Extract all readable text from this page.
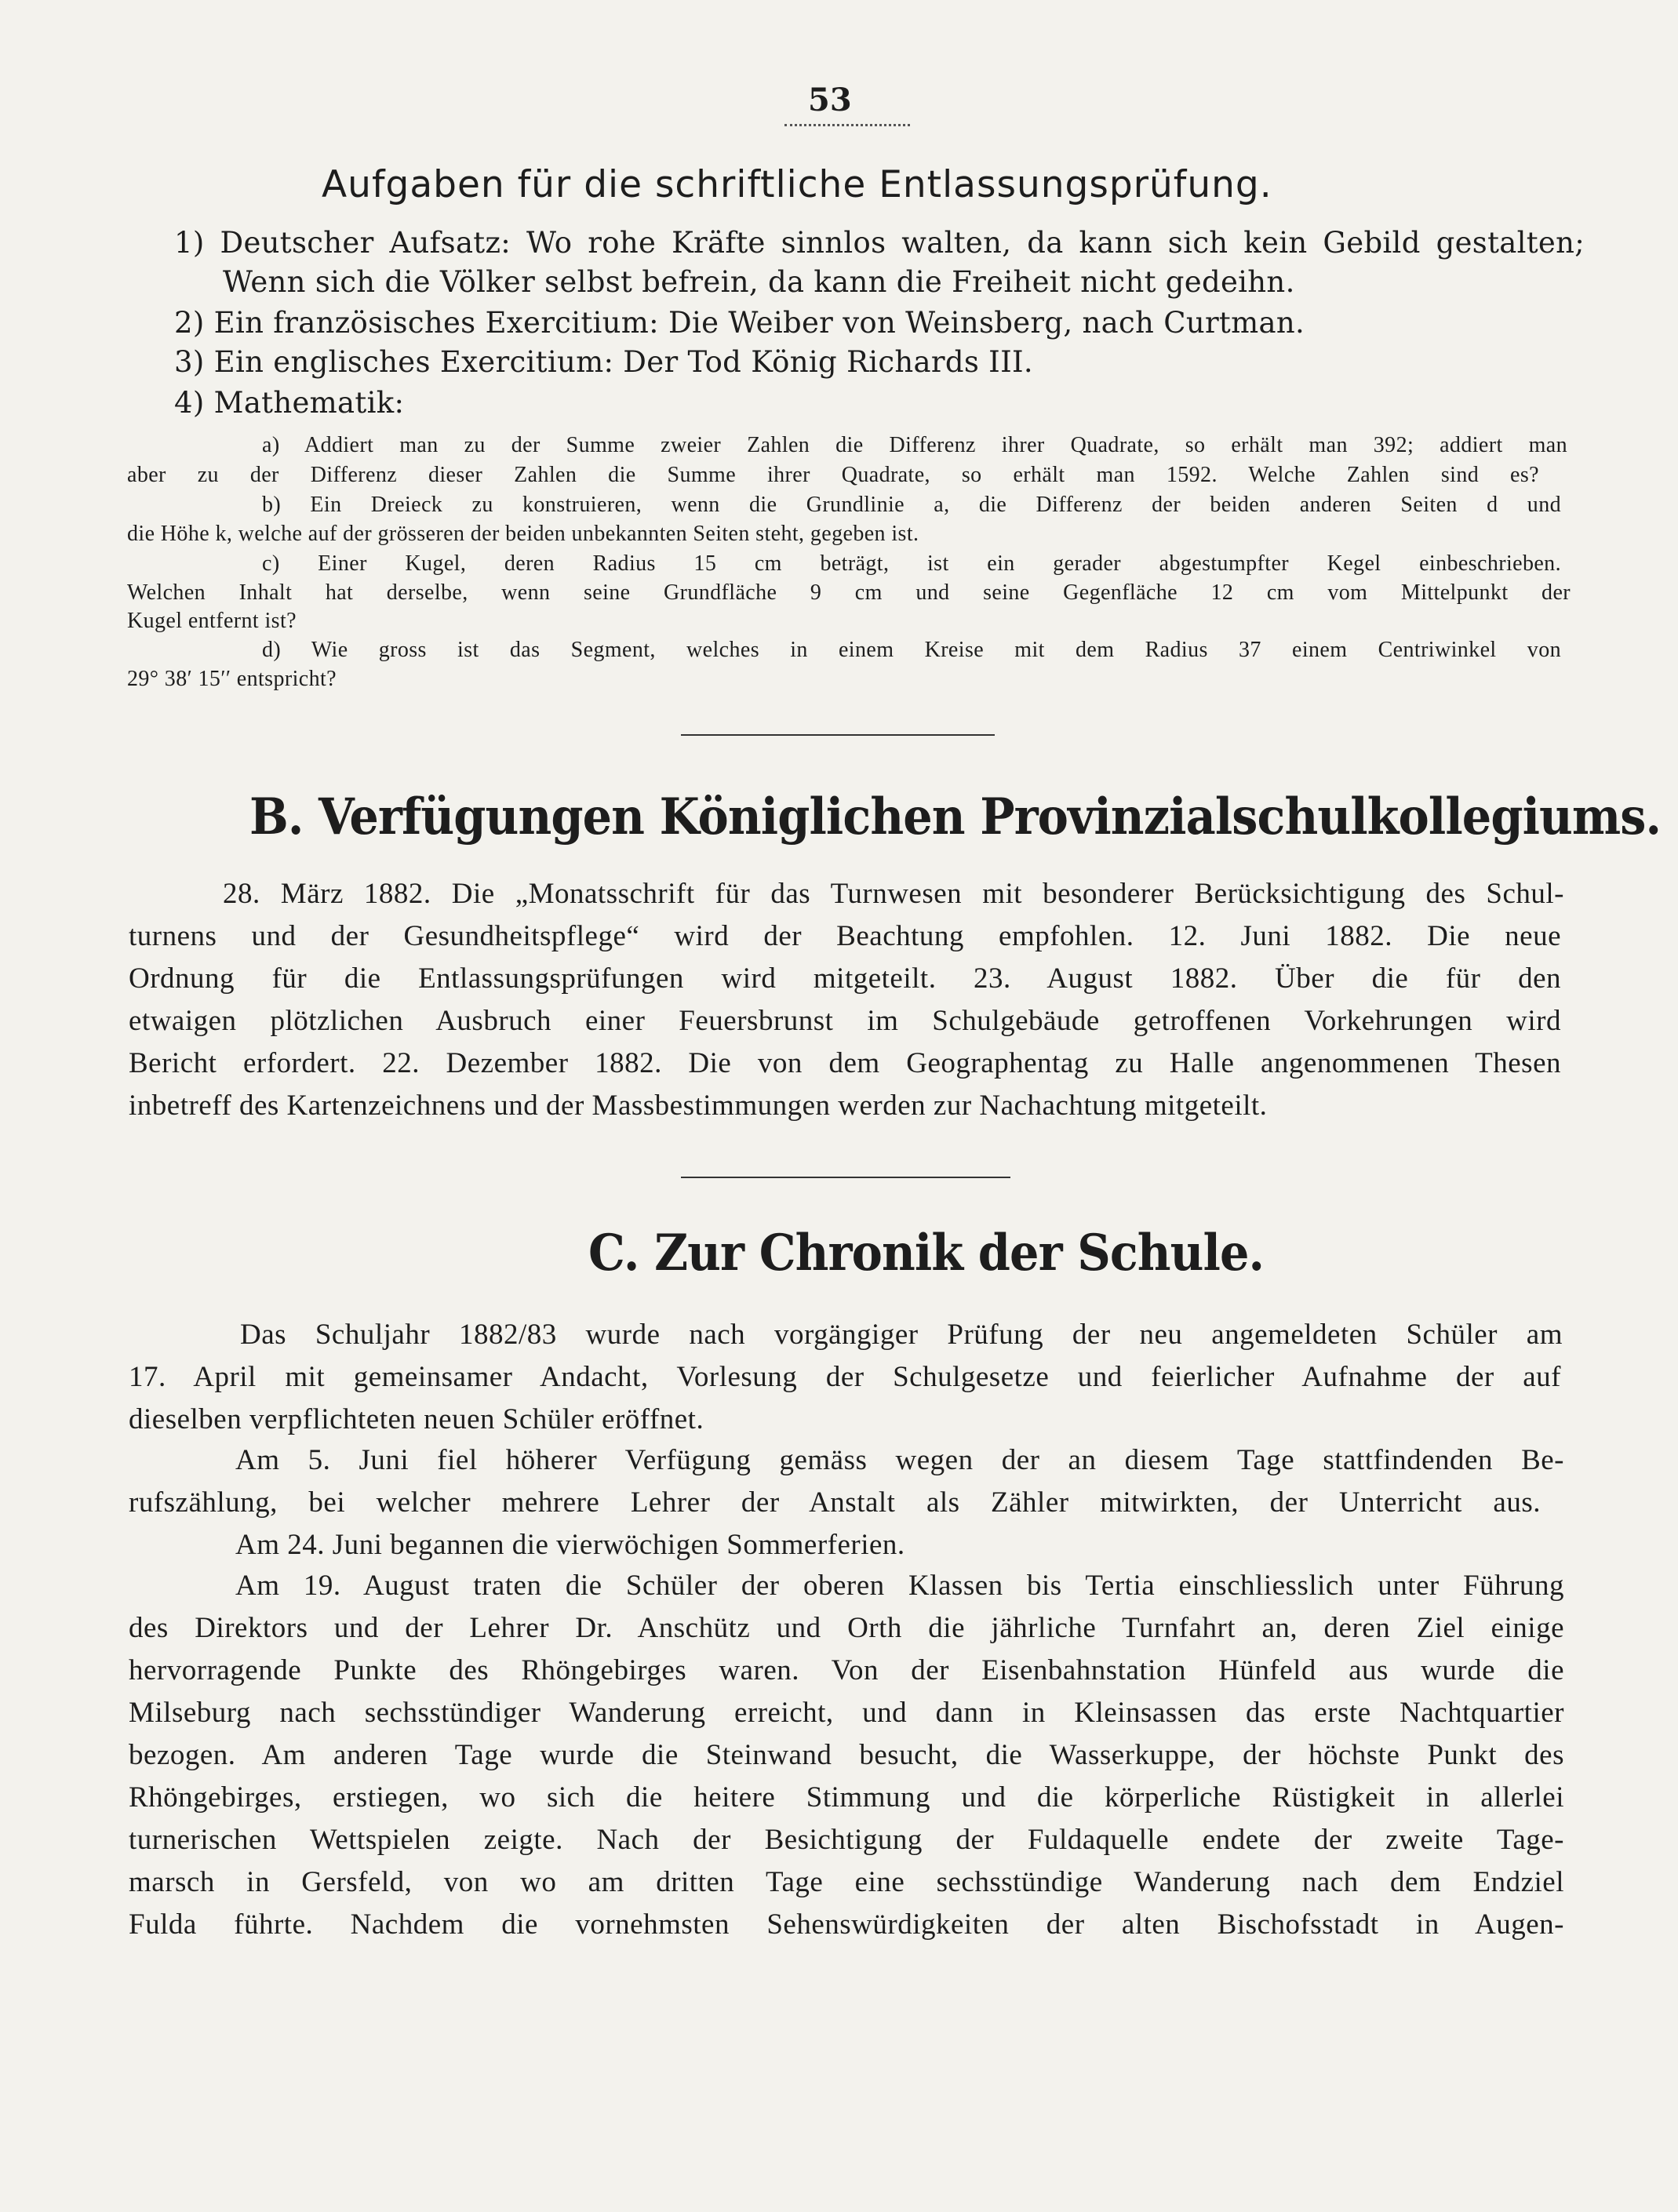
53
Aufgaben für die schriftliche Entlassungsprüfung.
1) Deutscher Aufsatz: Wo rohe Kräfte sinnlos walten, da kann sich kein Gebild gestalten;
Wenn sich die Völker selbst befrein, da kann die Freiheit nicht gedeihn.
2) Ein französisches Exercitium: Die Weiber von Weinsberg, nach Curtman.
3) Ein englisches Exercitium: Der Tod König Richards III.
4) Mathematik:
a) Addiert man zu der Summe zweier Zahlen die Differenz ihrer Quadrate, so erhält man 392; addiert man
aber zu der Differenz dieser Zahlen die Summe ihrer Quadrate, so erhält man 1592. Welche Zahlen sind es?
b) Ein Dreieck zu konstruieren, wenn die Grundlinie a, die Differenz der beiden anderen Seiten d und
die Höhe k, welche auf der grösseren der beiden unbekannten Seiten steht, gegeben ist.
c) Einer Kugel, deren Radius 15 cm beträgt, ist ein gerader abgestumpfter Kegel einbeschrieben.
Welchen Inhalt hat derselbe, wenn seine Grundfläche 9 cm und seine Gegenfläche 12 cm vom Mittelpunkt der
Kugel entfernt ist?
d) Wie gross ist das Segment, welches in einem Kreise mit dem Radius 37 einem Centriwinkel von
29° 38′ 15′′ entspricht?
B. Verfügungen Königlichen Provinzialschulkollegiums.
28. März 1882. Die „Monatsschrift für das Turnwesen mit besonderer Berücksichtigung des Schul-
turnens und der Gesundheitspflege“ wird der Beachtung empfohlen. 12. Juni 1882. Die neue
Ordnung für die Entlassungsprüfungen wird mitgeteilt. 23. August 1882. Über die für den
etwaigen plötzlichen Ausbruch einer Feuersbrunst im Schulgebäude getroffenen Vorkehrungen wird
Bericht erfordert. 22. Dezember 1882. Die von dem Geographentag zu Halle angenommenen Thesen
inbetreff des Kartenzeichnens und der Massbestimmungen werden zur Nachachtung mitgeteilt.
C. Zur Chronik der Schule.
Das Schuljahr 1882/83 wurde nach vorgängiger Prüfung der neu angemeldeten Schüler am
17. April mit gemeinsamer Andacht, Vorlesung der Schulgesetze und feierlicher Aufnahme der auf
dieselben verpflichteten neuen Schüler eröffnet.
Am 5. Juni fiel höherer Verfügung gemäss wegen der an diesem Tage stattfindenden Be-
rufszählung, bei welcher mehrere Lehrer der Anstalt als Zähler mitwirkten, der Unterricht aus.
Am 24. Juni begannen die vierwöchigen Sommerferien.
Am 19. August traten die Schüler der oberen Klassen bis Tertia einschliesslich unter Führung
des Direktors und der Lehrer Dr. Anschütz und Orth die jährliche Turnfahrt an, deren Ziel einige
hervorragende Punkte des Rhöngebirges waren. Von der Eisenbahnstation Hünfeld aus wurde die
Milseburg nach sechsstündiger Wanderung erreicht, und dann in Kleinsassen das erste Nachtquartier
bezogen. Am anderen Tage wurde die Steinwand besucht, die Wasserkuppe, der höchste Punkt des
Rhöngebirges, erstiegen, wo sich die heitere Stimmung und die körperliche Rüstigkeit in allerlei
turnerischen Wettspielen zeigte. Nach der Besichtigung der Fuldaquelle endete der zweite Tage-
marsch in Gersfeld, von wo am dritten Tage eine sechsstündige Wanderung nach dem Endziel
Fulda führte. Nachdem die vornehmsten Sehenswürdigkeiten der alten Bischofsstadt in Augen-
